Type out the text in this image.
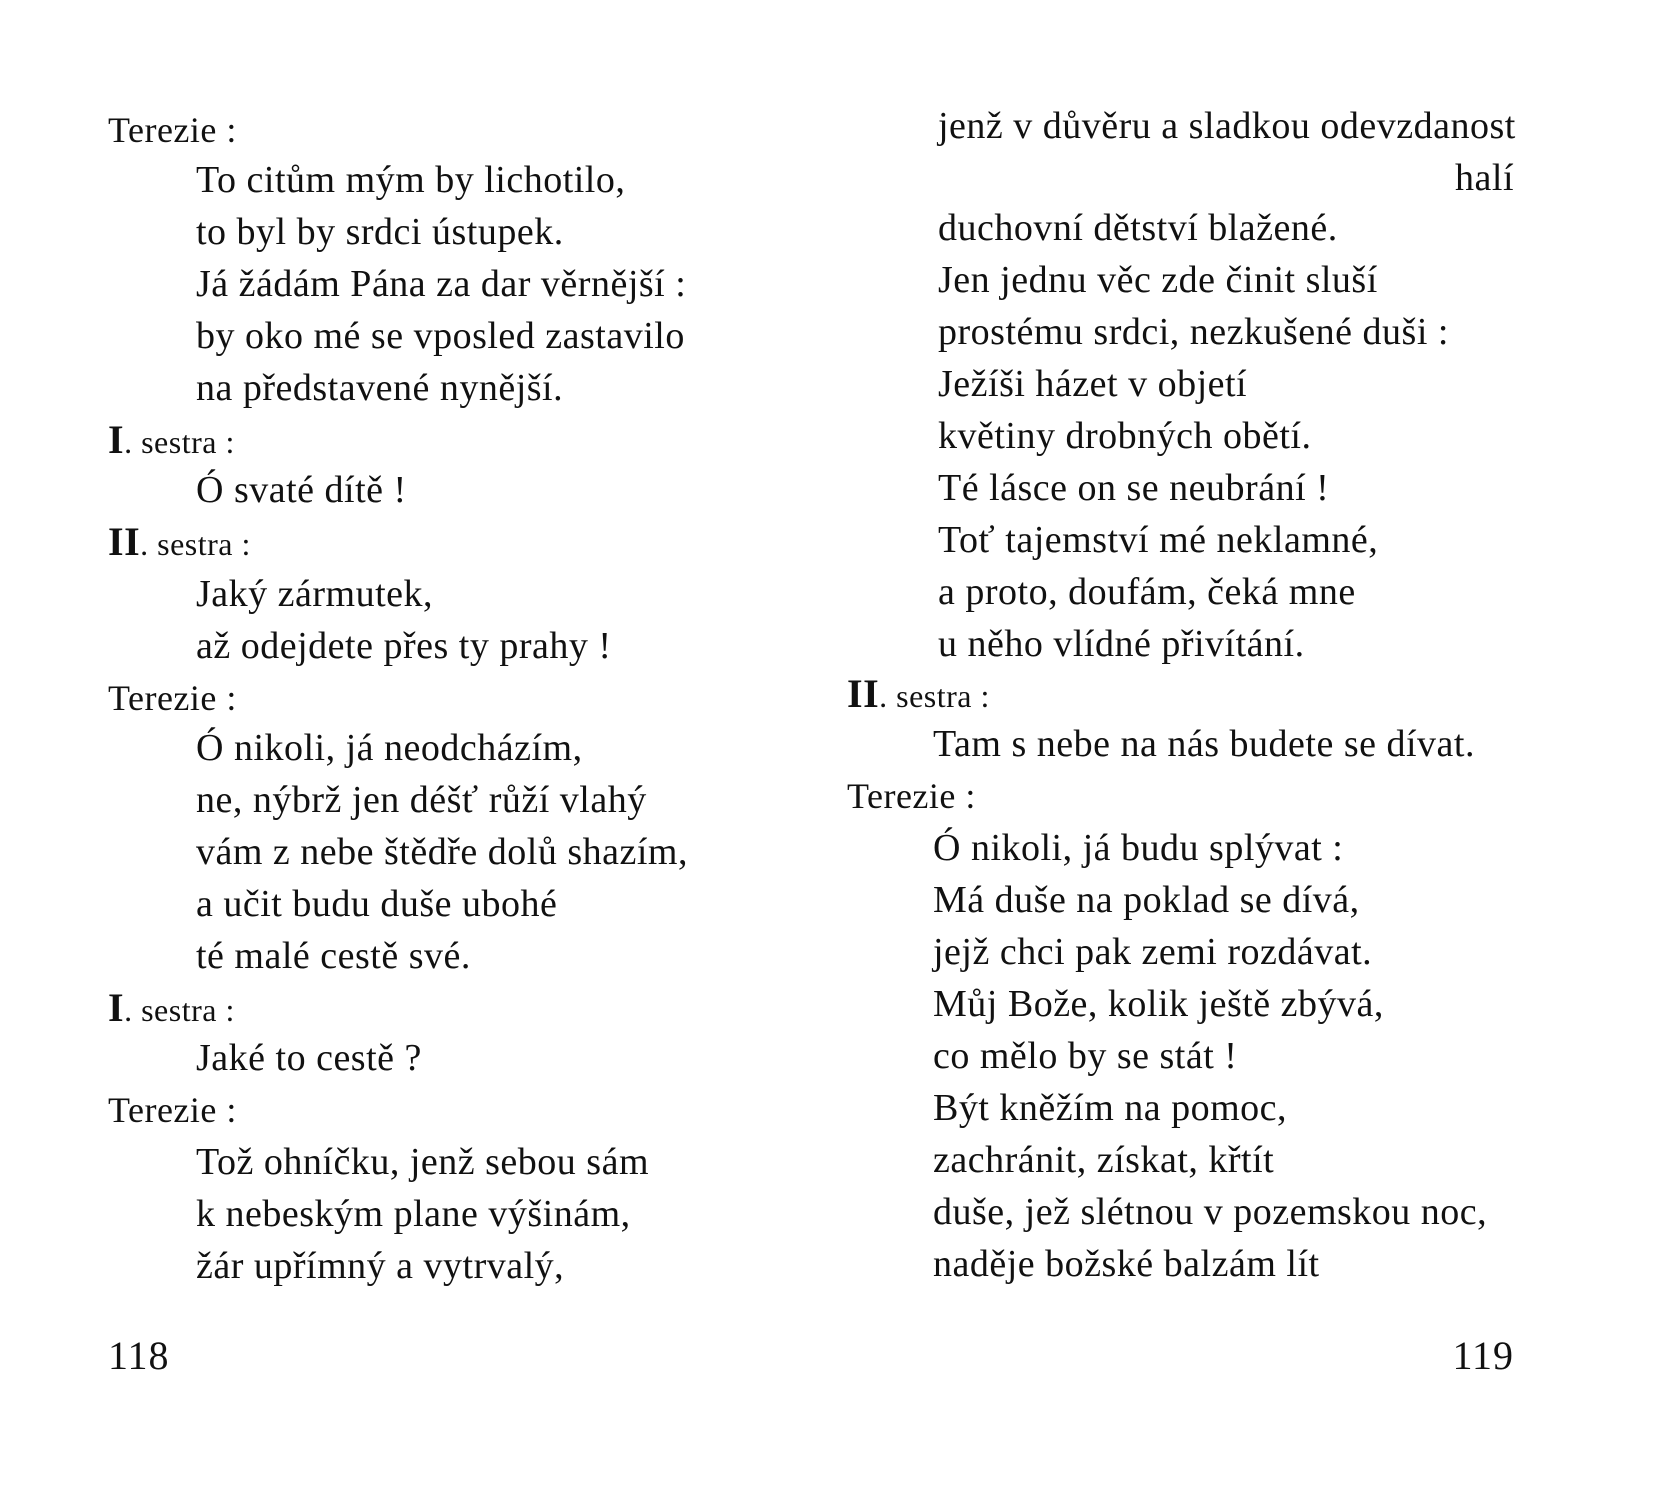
Terezie :
To citům mým by lichotilo,
to byl by srdci ústupek.
Já žádám Pána za dar věrnější :
by oko mé se vposled zastavilo
na představené nynější.
I. sestra :
Ó svaté dítě !
II. sestra :
Jaký zármutek,
až odejdete přes ty prahy !
Terezie :
Ó nikoli, já neodcházím,
ne, nýbrž jen déšť růží vlahý
vám z nebe štědře dolů shazím,
a učit budu duše ubohé
té malé cestě své.
I. sestra :
Jaké to cestě ?
Terezie :
Tož ohníčku, jenž sebou sám
k nebeským plane výšinám,
žár upřímný a vytrvalý,
118
jenž v důvěru a sladkou odevzdanost
halí
duchovní dětství blažené.
Jen jednu věc zde činit sluší
prostému srdci, nezkušené duši :
Ježíši házet v objetí
květiny drobných obětí.
Té lásce on se neubrání !
Toť tajemství mé neklamné,
a proto, doufám, čeká mne
u něho vlídné přivítání.
II. sestra :
Tam s nebe na nás budete se dívat.
Terezie :
Ó nikoli, já budu splývat :
Má duše na poklad se dívá,
jejž chci pak zemi rozdávat.
Můj Bože, kolik ještě zbývá,
co mělo by se stát !
Být kněžím na pomoc,
zachránit, získat, křtít
duše, jež slétnou v pozemskou noc,
naděje božské balzám lít
119
